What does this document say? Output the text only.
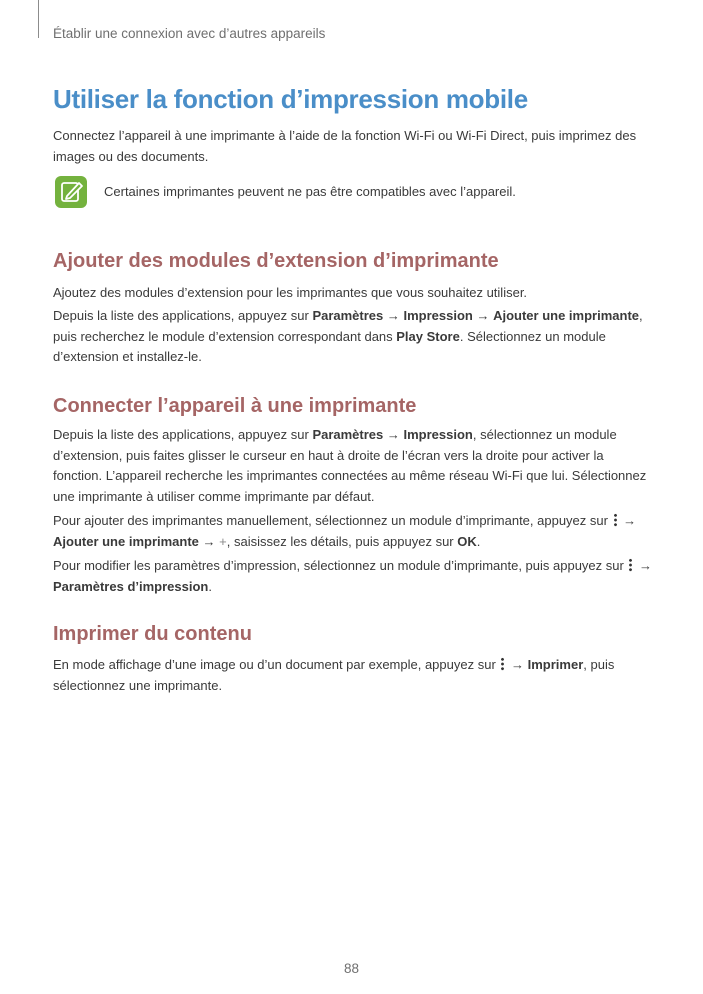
Établir une connexion avec d’autres appareils
Utiliser la fonction d’impression mobile
Connectez l’appareil à une imprimante à l’aide de la fonction Wi-Fi ou Wi-Fi Direct, puis imprimez des images ou des documents.
Certaines imprimantes peuvent ne pas être compatibles avec l’appareil.
Ajouter des modules d’extension d’imprimante
Ajoutez des modules d’extension pour les imprimantes que vous souhaitez utiliser.
Depuis la liste des applications, appuyez sur Paramètres → Impression → Ajouter une imprimante, puis recherchez le module d’extension correspondant dans Play Store. Sélectionnez un module d’extension et installez-le.
Connecter l’appareil à une imprimante
Depuis la liste des applications, appuyez sur Paramètres → Impression, sélectionnez un module d’extension, puis faites glisser le curseur en haut à droite de l’écran vers la droite pour activer la fonction. L’appareil recherche les imprimantes connectées au même réseau Wi-Fi que lui. Sélectionnez une imprimante à utiliser comme imprimante par défaut.
Pour ajouter des imprimantes manuellement, sélectionnez un module d’imprimante, appuyez sur  → Ajouter une imprimante → +, saisissez les détails, puis appuyez sur OK.
Pour modifier les paramètres d’impression, sélectionnez un module d’imprimante, puis appuyez sur  → Paramètres d’impression.
Imprimer du contenu
En mode affichage d’une image ou d’un document par exemple, appuyez sur  → Imprimer, puis sélectionnez une imprimante.
88
